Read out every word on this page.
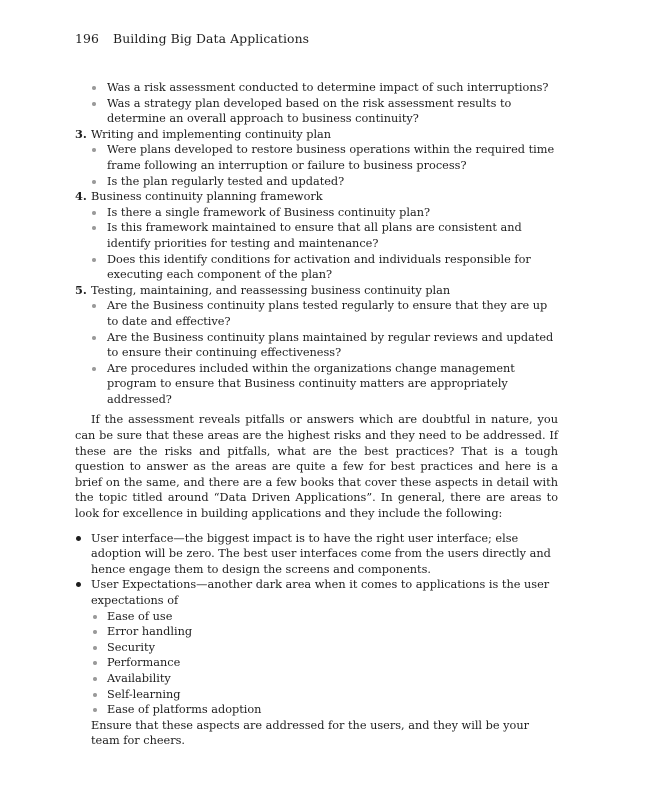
196 Building Big Data Applications
Was a risk assessment conducted to determine impact of such interruptions?
Was a strategy plan developed based on the risk assessment results to determine an overall approach to business continuity?
3. Writing and implementing continuity plan
Were plans developed to restore business operations within the required time frame following an interruption or failure to business process?
Is the plan regularly tested and updated?
4. Business continuity planning framework
Is there a single framework of Business continuity plan?
Is this framework maintained to ensure that all plans are consistent and identify priorities for testing and maintenance?
Does this identify conditions for activation and individuals responsible for executing each component of the plan?
5. Testing, maintaining, and reassessing business continuity plan
Are the Business continuity plans tested regularly to ensure that they are up to date and effective?
Are the Business continuity plans maintained by regular reviews and updated to ensure their continuing effectiveness?
Are procedures included within the organizations change management program to ensure that Business continuity matters are appropriately addressed?

If the assessment reveals pitfalls or answers which are doubtful in nature, you can be sure that these areas are the highest risks and they need to be addressed. If these are the risks and pitfalls, what are the best practices? That is a tough question to answer as the areas are quite a few for best practices and here is a brief on the same, and there are a few books that cover these aspects in detail with the topic titled around “Data Driven Applications”. In general, there are areas to look for excellence in building applications and they include the following:

User interface—the biggest impact is to have the right user interface; else adoption will be zero. The best user interfaces come from the users directly and hence engage them to design the screens and components.
User Expectations—another dark area when it comes to applications is the user expectations of
Ease of use
Error handling
Security
Performance
Availability
Self-learning
Ease of platforms adoption

Ensure that these aspects are addressed for the users, and they will be your team for cheers.
